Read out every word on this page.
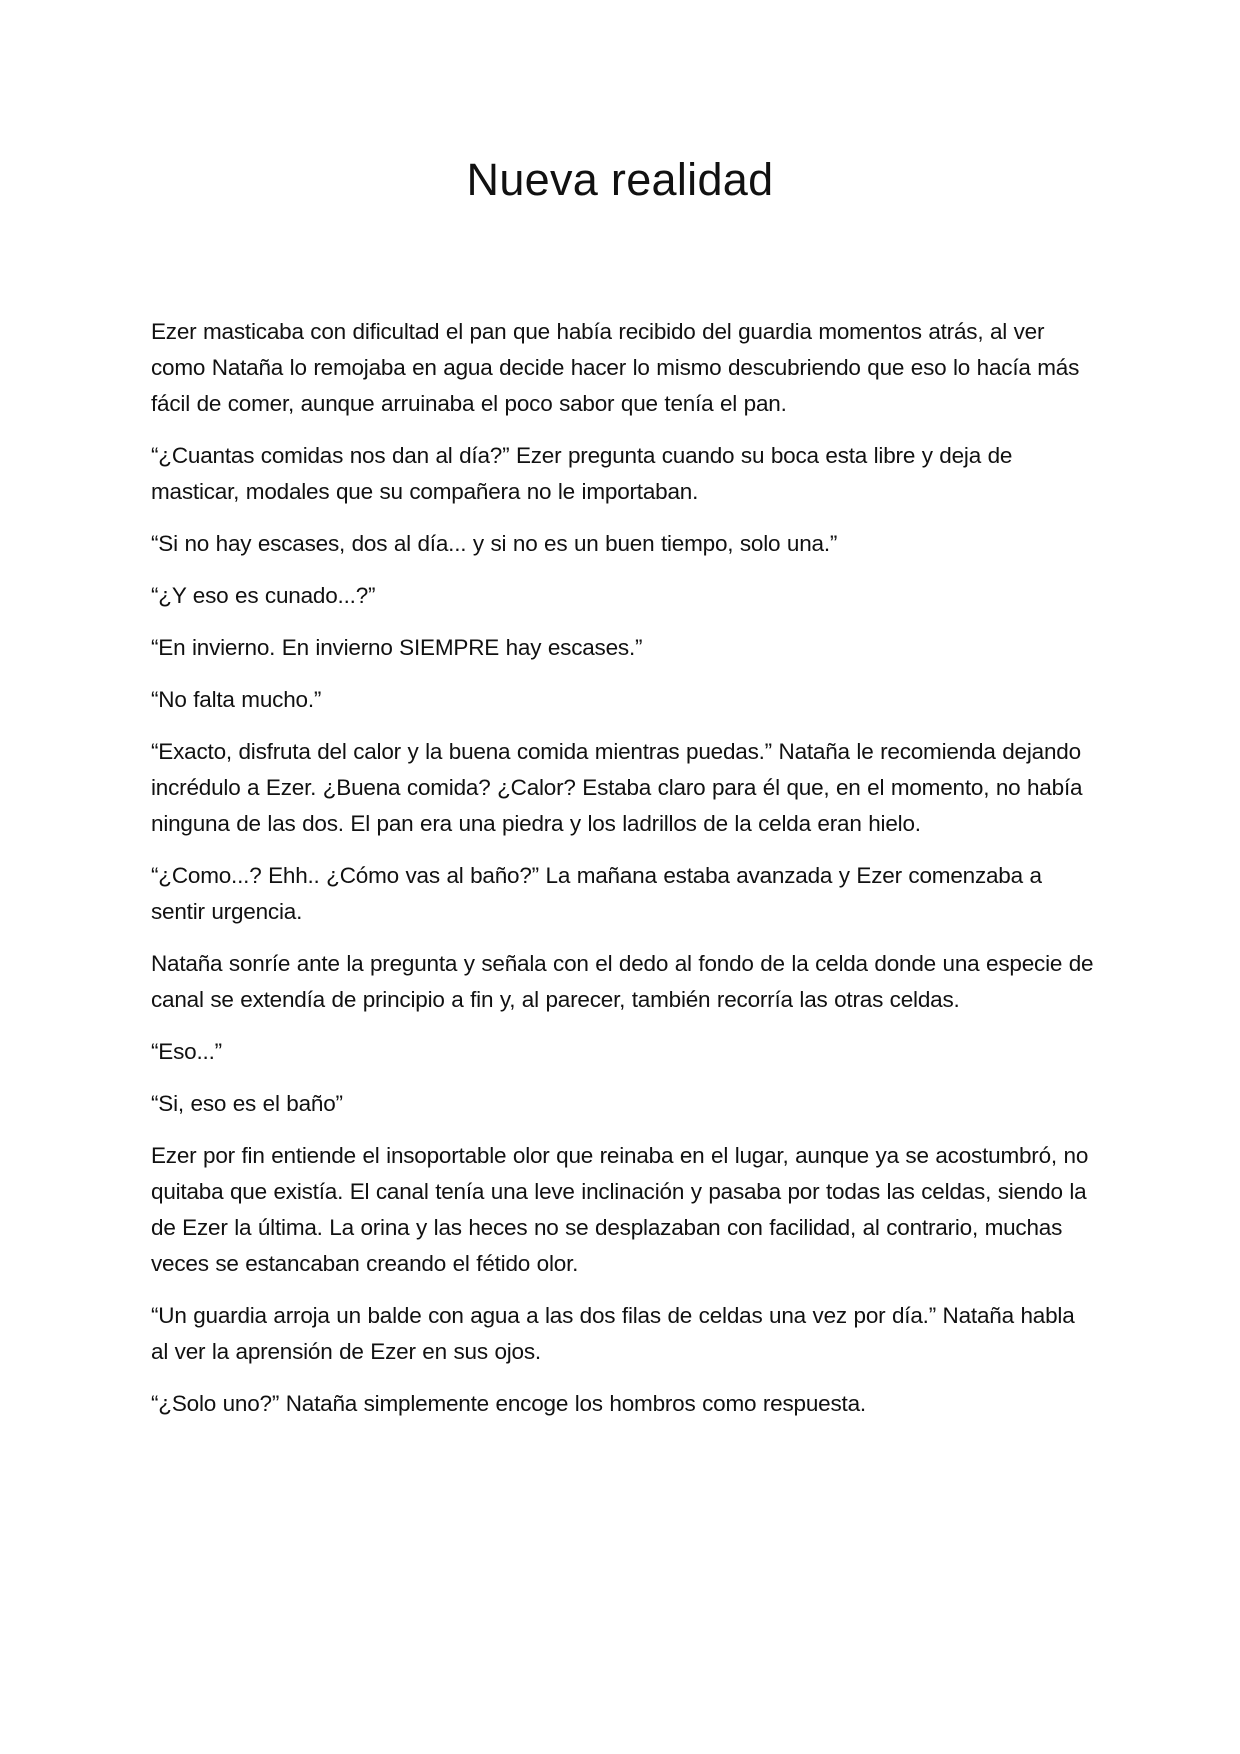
Nueva realidad

Ezer masticaba con dificultad el pan que había recibido del guardia momentos atrás, al ver como Nataña lo remojaba en agua decide hacer lo mismo descubriendo que eso lo hacía más fácil de comer, aunque arruinaba el poco sabor que tenía el pan.

“¿Cuantas comidas nos dan al día?” Ezer pregunta cuando su boca esta libre y deja de masticar, modales que su compañera no le importaban.

“Si no hay escases, dos al día... y si no es un buen tiempo, solo una.”

“¿Y eso es cunado...?”

“En invierno. En invierno SIEMPRE hay escases.”

“No falta mucho.”

“Exacto, disfruta del calor y la buena comida mientras puedas.” Nataña le recomienda dejando incrédulo a Ezer. ¿Buena comida? ¿Calor? Estaba claro para él que, en el momento, no había ninguna de las dos. El pan era una piedra y los ladrillos de la celda eran hielo.

“¿Como...? Ehh.. ¿Cómo vas al baño?” La mañana estaba avanzada y Ezer comenzaba a sentir urgencia.

Nataña sonríe ante la pregunta y señala con el dedo al fondo de la celda donde una especie de canal se extendía de principio a fin y, al parecer, también recorría las otras celdas.

“Eso...”

“Si, eso es el baño”

Ezer por fin entiende el insoportable olor que reinaba en el lugar, aunque ya se acostumbró, no quitaba que existía. El canal tenía una leve inclinación y pasaba por todas las celdas, siendo la de Ezer la última. La orina y las heces no se desplazaban con facilidad, al contrario, muchas veces se estancaban creando el fétido olor.

“Un guardia arroja un balde con agua a las dos filas de celdas una vez por día.” Nataña habla al ver la aprensión de Ezer en sus ojos.

“¿Solo uno?” Nataña simplemente encoge los hombros como respuesta.
